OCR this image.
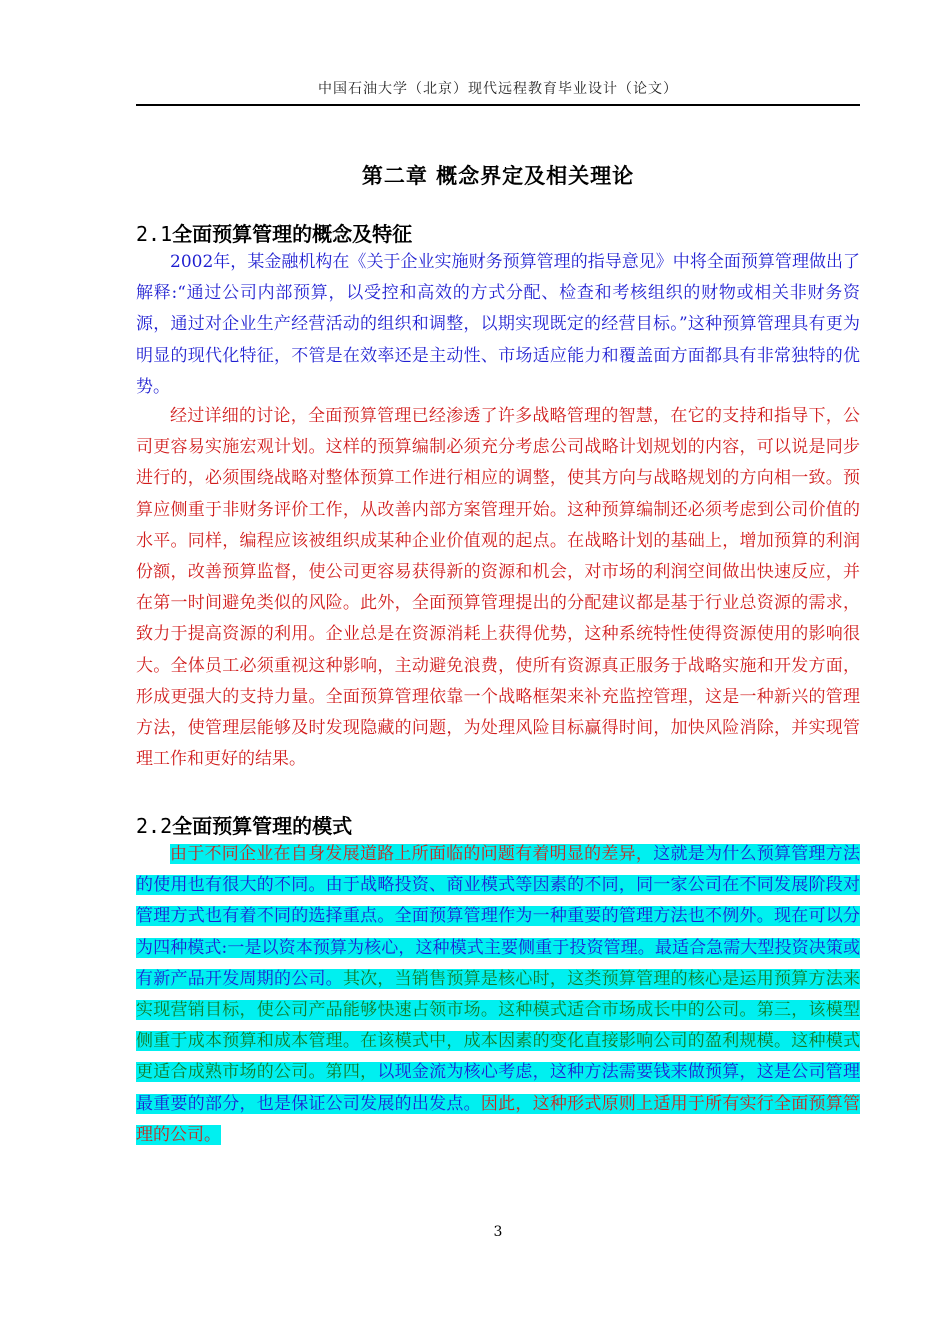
中国石油大学（北京）现代远程教育毕业设计（论文）
第二章 概念界定及相关理论
2.1全面预算管理的概念及特征

2002年，某金融机构在《关于企业实施财务预算管理的指导意见》中将全面预算管理做出了解释:“通过公司内部预算，以受控和高效的方式分配、检查和考核组织的财物或相关非财务资源，通过对企业生产经营活动的组织和调整，以期实现既定的经营目标。”这种预算管理具有更为明显的现代化特征，不管是在效率还是主动性、市场适应能力和覆盖面方面都具有非常独特的优势。

经过详细的讨论，全面预算管理已经渗透了许多战略管理的智慧，在它的支持和指导下，公司更容易实施宏观计划。这样的预算编制必须充分考虑公司战略计划规划的内容，可以说是同步进行的，必须围绕战略对整体预算工作进行相应的调整，使其方向与战略规划的方向相一致。预算应侧重于非财务评价工作，从改善内部方案管理开始。这种预算编制还必须考虑到公司价值的水平。同样，编程应该被组织成某种企业价值观的起点。在战略计划的基础上，增加预算的利润份额，改善预算监督，使公司更容易获得新的资源和机会，对市场的利润空间做出快速反应，并在第一时间避免类似的风险。此外，全面预算管理提出的分配建议都是基于行业总资源的需求，致力于提高资源的利用。企业总是在资源消耗上获得优势，这种系统特性使得资源使用的影响很大。全体员工必须重视这种影响，主动避免浪费，使所有资源真正服务于战略实施和开发方面，形成更强大的支持力量。全面预算管理依靠一个战略框架来补充监控管理，这是一种新兴的管理方法，使管理层能够及时发现隐藏的问题，为处理风险目标赢得时间，加快风险消除，并实现管理工作和更好的结果。

2.2全面预算管理的模式

由于不同企业在自身发展道路上所面临的问题有着明显的差异，这就是为什么预算管理方法的使用也有很大的不同。由于战略投资、商业模式等因素的不同，同一家公司在不同发展阶段对管理方式也有着不同的选择重点。全面预算管理作为一种重要的管理方法也不例外。现在可以分为四种模式:一是以资本预算为核心，这种模式主要侧重于投资管理。最适合急需大型投资决策或有新产品开发周期的公司。其次，当销售预算是核心时，这类预算管理的核心是运用预算方法来实现营销目标，使公司产品能够快速占领市场。这种模式适合市场成长中的公司。第三，该模型侧重于成本预算和成本管理。在该模式中，成本因素的变化直接影响公司的盈利规模。这种模式更适合成熟市场的公司。第四，以现金流为核心考虑，这种方法需要钱来做预算，这是公司管理最重要的部分，也是保证公司发展的出发点。因此，这种形式原则上适用于所有实行全面预算管理的公司。

3
